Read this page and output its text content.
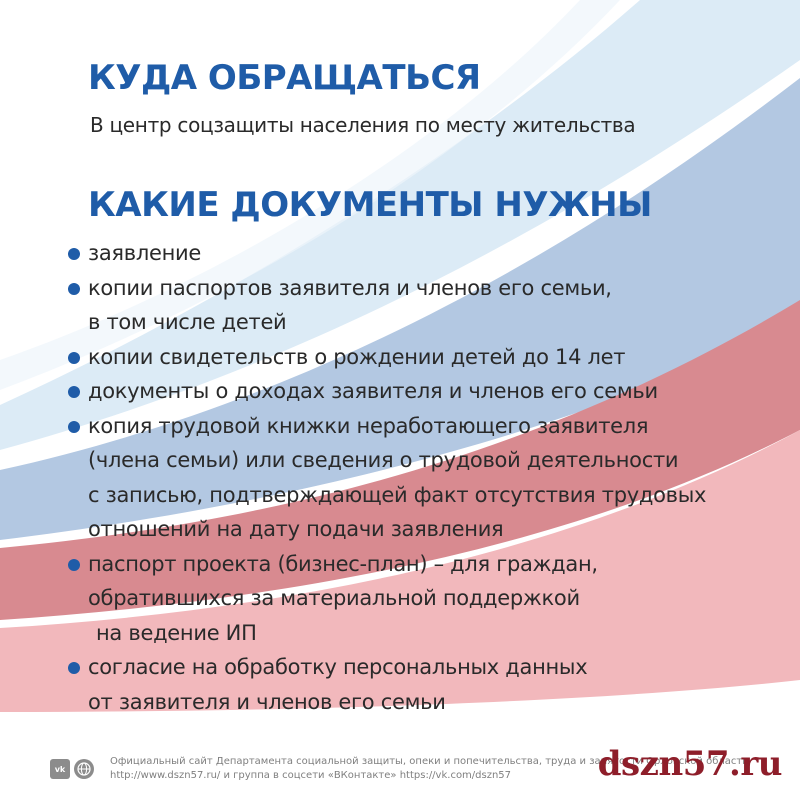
КУДА ОБРАЩАТЬСЯ
В центр соцзащиты населения по месту жительства
КАКИЕ ДОКУМЕНТЫ НУЖНЫ
заявление
копии паспортов заявителя и членов его семьи,
в том числе детей
копии свидетельств о рождении детей до 14 лет
документы о доходах заявителя и членов его семьи
копия трудовой книжки неработающего заявителя
(члена семьи) или сведения о трудовой деятельности
с записью, подтверждающей факт отсутствия трудовых
отношений на дату подачи заявления
паспорт проекта (бизнес-план) – для граждан,
обратившихся за материальной поддержкой
на ведение ИП
согласие на обработку персональных данных
от заявителя и членов его семьи
vk
Официальный сайт Департамента социальной защиты, опеки и попечительства, труда и занятости Орловской области
http://www.dszn57.ru/ и группа в соцсети «ВКонтакте» https://vk.com/dszn57	dszn57.ru
